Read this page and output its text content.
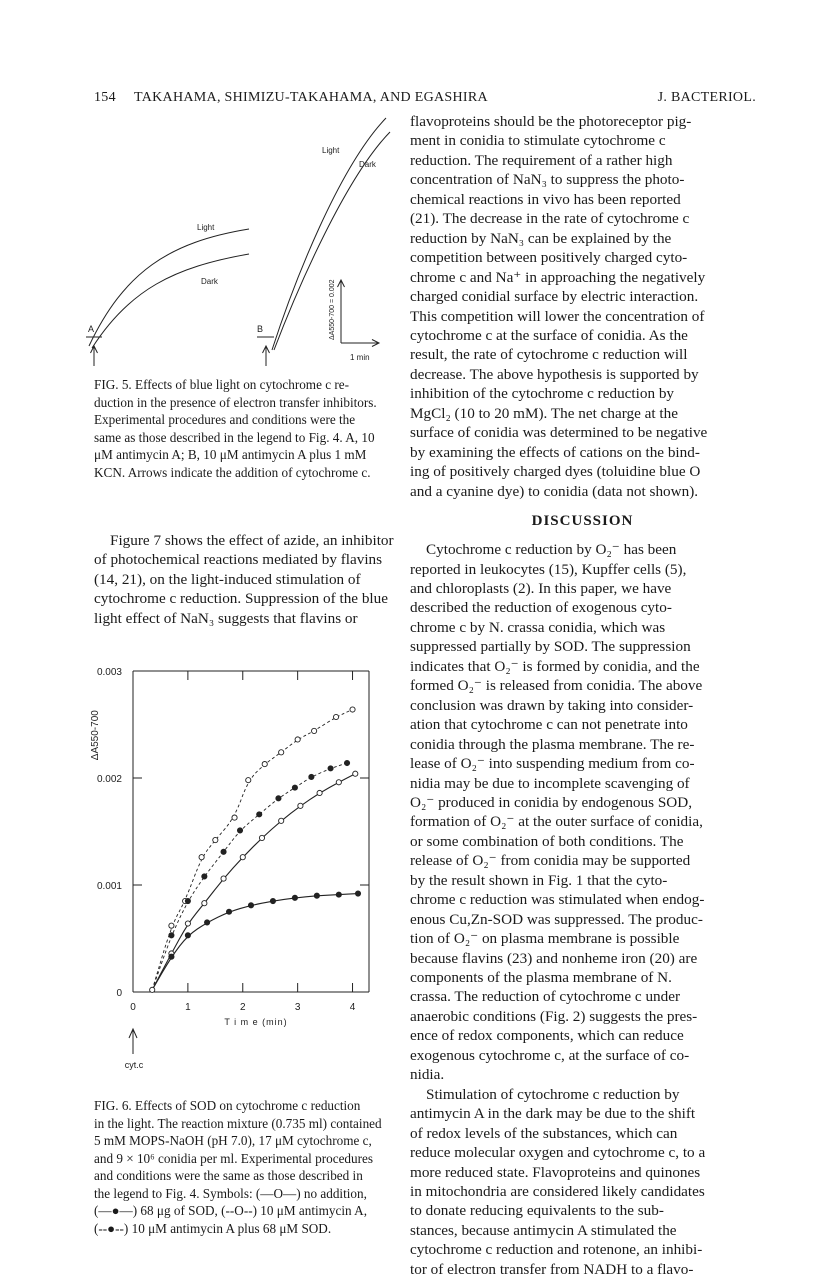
154 TAKAHAMA, SHIMIZU-TAKAHAMA, AND EGASHIRA	J. BACTERIOL.
Light
Dark
Light
Dark
A	B	ΔA550-700 = 0.002
1 min
FIG. 5. Effects of blue light on cytochrome c re-
duction in the presence of electron transfer inhibitors.
Experimental procedures and conditions were the
same as those described in the legend to Fig. 4. A, 10
μM antimycin A; B, 10 μM antimycin A plus 1 mM
KCN. Arrows indicate the addition of cytochrome c.
Figure 7 shows the effect of azide, an inhibitor
of photochemical reactions mediated by flavins
(14, 21), on the light-induced stimulation of
cytochrome c reduction. Suppression of the blue
light effect of NaN₃ suggests that flavins or
0	1	2	3	4
0
0.001
0.002
0.003
ΔA550-700
T i m e (min)
cyt.c
FIG. 6. Effects of SOD on cytochrome c reduction
in the light. The reaction mixture (0.735 ml) contained
5 mM MOPS-NaOH (pH 7.0), 17 μM cytochrome c,
and 9 × 10⁶ conidia per ml. Experimental procedures
and conditions were the same as those described in
the legend to Fig. 4. Symbols: (—O—) no addition,
(—●—) 68 μg of SOD, (--O--) 10 μM antimycin A,
(--●--) 10 μM antimycin A plus 68 μM SOD.
flavoproteins should be the photoreceptor pig-
ment in conidia to stimulate cytochrome c
reduction. The requirement of a rather high
concentration of NaN₃ to suppress the photo-
chemical reactions in vivo has been reported
(21). The decrease in the rate of cytochrome c
reduction by NaN₃ can be explained by the
competition between positively charged cyto-
chrome c and Na⁺ in approaching the negatively
charged conidial surface by electric interaction.
This competition will lower the concentration of
cytochrome c at the surface of conidia. As the
result, the rate of cytochrome c reduction will
decrease. The above hypothesis is supported by
inhibition of the cytochrome c reduction by
MgCl₂ (10 to 20 mM). The net charge at the
surface of conidia was determined to be negative
by examining the effects of cations on the bind-
ing of positively charged dyes (toluidine blue O
and a cyanine dye) to conidia (data not shown).
DISCUSSION
Cytochrome c reduction by O₂⁻ has been
reported in leukocytes (15), Kupffer cells (5),
and chloroplasts (2). In this paper, we have
described the reduction of exogenous cyto-
chrome c by N. crassa conidia, which was
suppressed partially by SOD. The suppression
indicates that O₂⁻ is formed by conidia, and the
formed O₂⁻ is released from conidia. The above
conclusion was drawn by taking into consider-
ation that cytochrome c can not penetrate into
conidia through the plasma membrane. The re-
lease of O₂⁻ into suspending medium from co-
nidia may be due to incomplete scavenging of
O₂⁻ produced in conidia by endogenous SOD,
formation of O₂⁻ at the outer surface of conidia,
or some combination of both conditions. The
release of O₂⁻ from conidia may be supported
by the result shown in Fig. 1 that the cyto-
chrome c reduction was stimulated when endog-
enous Cu,Zn-SOD was suppressed. The produc-
tion of O₂⁻ on plasma membrane is possible
because flavins (23) and nonheme iron (20) are
components of the plasma membrane of N.
crassa. The reduction of cytochrome c under
anaerobic conditions (Fig. 2) suggests the pres-
ence of redox components, which can reduce
exogenous cytochrome c, at the surface of co-
nidia.
Stimulation of cytochrome c reduction by
antimycin A in the dark may be due to the shift
of redox levels of the substances, which can
reduce molecular oxygen and cytochrome c, to a
more reduced state. Flavoproteins and quinones
in mitochondria are considered likely candidates
to donate reducing equivalents to the sub-
stances, because antimycin A stimulated the
cytochrome c reduction and rotenone, an inhibi-
tor of electron transfer from NADH to a flavo-
